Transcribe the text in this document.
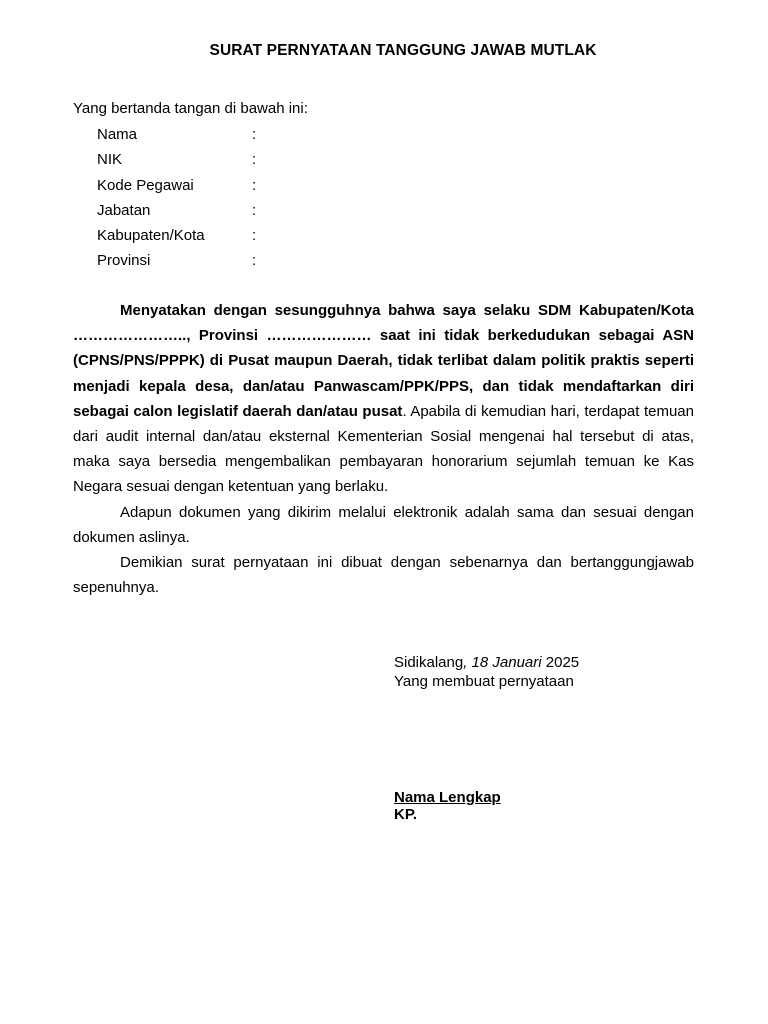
SURAT PERNYATAAN TANGGUNG JAWAB MUTLAK
Yang bertanda tangan di bawah ini:
Nama	:
NIK	:
Kode Pegawai	:
Jabatan	:
Kabupaten/Kota	:
Provinsi	:

Menyatakan dengan sesungguhnya bahwa saya selaku SDM Kabupaten/Kota ………………….., Provinsi ………………… saat ini tidak berkedudukan sebagai ASN (CPNS/PNS/PPPK) di Pusat maupun Daerah, tidak terlibat dalam politik praktis seperti menjadi kepala desa, dan/atau Panwascam/PPK/PPS, dan tidak mendaftarkan diri sebagai calon legislatif daerah dan/atau pusat. Apabila di kemudian hari, terdapat temuan dari audit internal dan/atau eksternal Kementerian Sosial mengenai hal tersebut di atas, maka saya bersedia mengembalikan pembayaran honorarium sejumlah temuan ke Kas Negara sesuai dengan ketentuan yang berlaku.

Adapun dokumen yang dikirim melalui elektronik adalah sama dan sesuai dengan dokumen aslinya.

Demikian surat pernyataan ini dibuat dengan sebenarnya dan bertanggungjawab sepenuhnya.

Sidikalang, 18 Januari 2025
Yang membuat pernyataan
Nama Lengkap
KP.
